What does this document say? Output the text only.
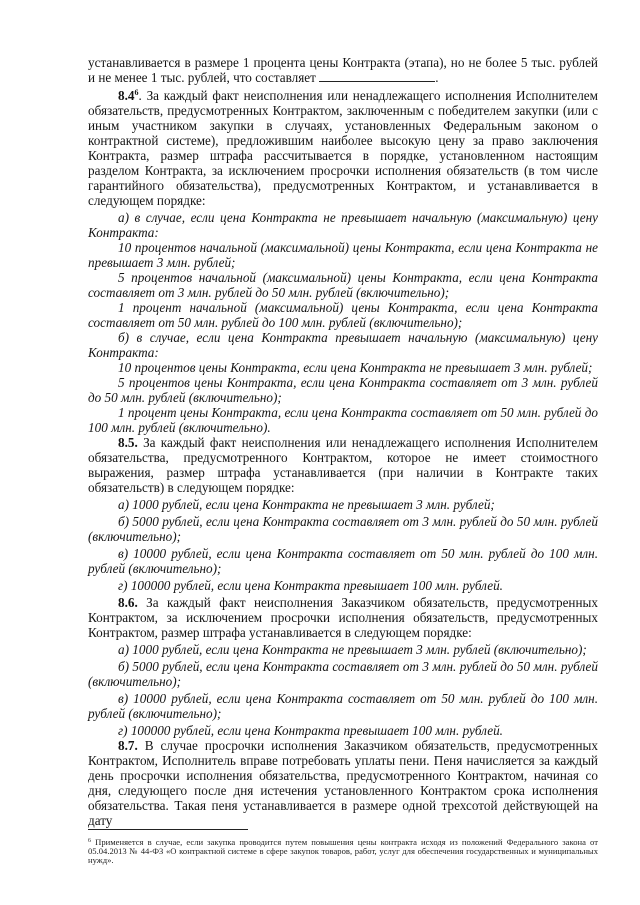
устанавливается в размере 1 процента цены Контракта (этапа), но не более 5 тыс. рублей и не менее 1 тыс. рублей, что составляет	.

$8.4^6$. За каждый факт неисполнения или ненадлежащего исполнения Исполнителем обязательств, предусмотренных Контрактом, заключенным с победителем закупки (или с иным участником закупки в случаях, установленных Федеральным законом о контрактной системе), предложившим наиболее высокую цену за право заключения Контракта, размер штрафа рассчитывается в порядке, установленном настоящим разделом Контракта, за исключением просрочки исполнения обязательств (в том числе гарантийного обязательства), предусмотренных Контрактом, и устанавливается в следующем порядке:

а) в случае, если цена Контракта не превышает начальную (максимальную) цену Контракта:

10 процентов начальной (максимальной) цены Контракта, если цена Контракта не превышает 3 млн. рублей;

5 процентов начальной (максимальной) цены Контракта, если цена Контракта составляет от 3 млн. рублей до 50 млн. рублей (включительно);

1 процент начальной (максимальной) цены Контракта, если цена Контракта составляет от 50 млн. рублей до 100 млн. рублей (включительно);

б) в случае, если цена Контракта превышает начальную (максимальную) цену Контракта:

10 процентов цены Контракта, если цена Контракта не превышает 3 млн. рублей;

5 процентов цены Контракта, если цена Контракта составляет от 3 млн. рублей до 50 млн. рублей (включительно);

1 процент цены Контракта, если цена Контракта составляет от 50 млн. рублей до 100 млн. рублей (включительно).

8.5. За каждый факт неисполнения или ненадлежащего исполнения Исполнителем обязательства, предусмотренного Контрактом, которое не имеет стоимостного выражения, размер штрафа устанавливается (при наличии в Контракте таких обязательств) в следующем порядке:

а) 1000 рублей, если цена Контракта не превышает 3 млн. рублей;

б) 5000 рублей, если цена Контракта составляет от 3 млн. рублей до 50 млн. рублей (включительно);

в) 10000 рублей, если цена Контракта составляет от 50 млн. рублей до 100 млн. рублей (включительно);

г) 100000 рублей, если цена Контракта превышает 100 млн. рублей.

8.6. За каждый факт неисполнения Заказчиком обязательств, предусмотренных Контрактом, за исключением просрочки исполнения обязательств, предусмотренных Контрактом, размер штрафа устанавливается в следующем порядке:

а) 1000 рублей, если цена Контракта не превышает 3 млн. рублей (включительно);

б) 5000 рублей, если цена Контракта составляет от 3 млн. рублей до 50 млн. рублей (включительно);

в) 10000 рублей, если цена Контракта составляет от 50 млн. рублей до 100 млн. рублей (включительно);

г) 100000 рублей, если цена Контракта превышает 100 млн. рублей.

8.7. В случае просрочки исполнения Заказчиком обязательств, предусмотренных Контрактом, Исполнитель вправе потребовать уплаты пени. Пеня начисляется за каждый день просрочки исполнения обязательства, предусмотренного Контрактом, начиная со дня, следующего после дня истечения установленного Контрактом срока исполнения обязательства. Такая пеня устанавливается в размере одной трехсотой действующей на дату

$^6$ Применяется в случае, если закупка проводится путем повышения цены контракта исходя из положений Федерального закона от 05.04.2013 № 44-ФЗ «О контрактной системе в сфере закупок товаров, работ, услуг для обеспечения государственных и муниципальных нужд».
